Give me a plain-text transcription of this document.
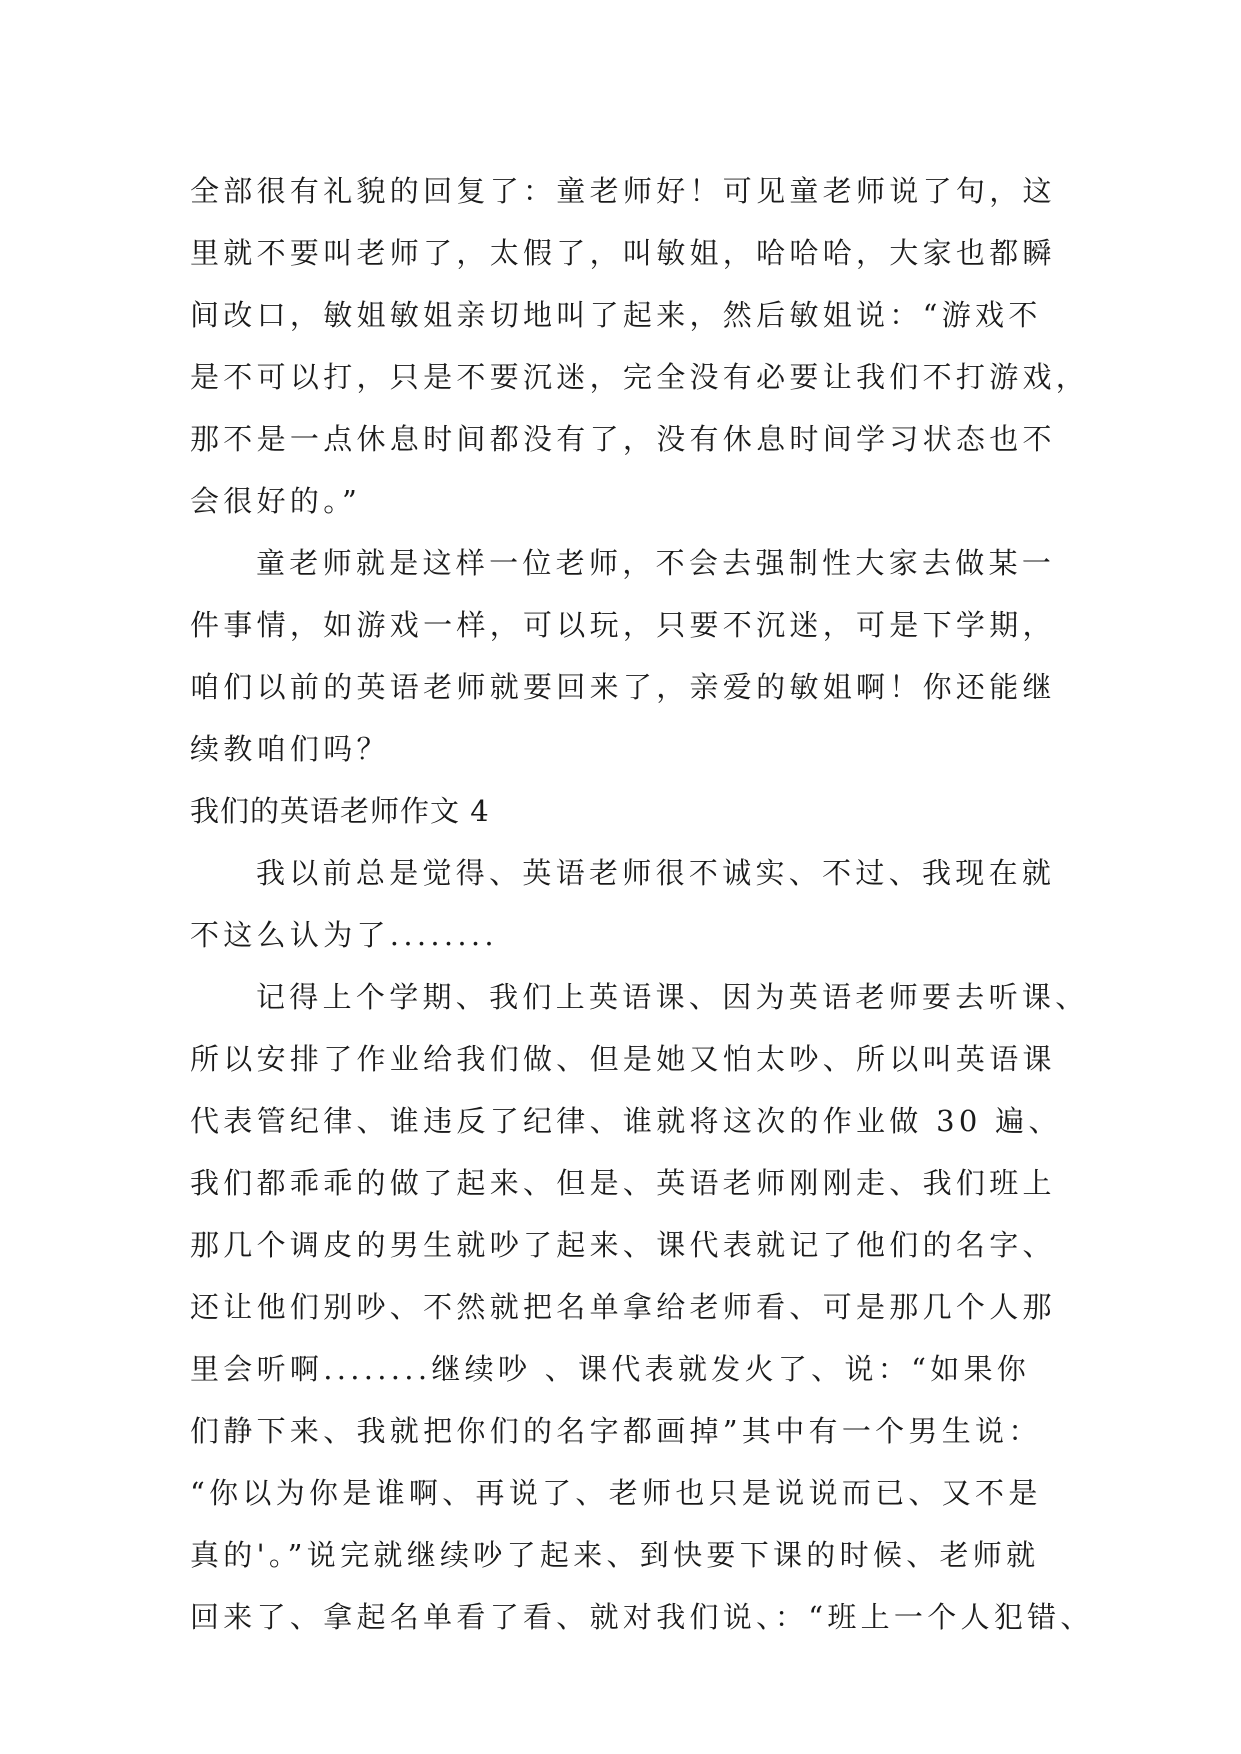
全部很有礼貌的回复了：童老师好！可见童老师说了句，这
里就不要叫老师了，太假了，叫敏姐，哈哈哈，大家也都瞬
间改口，敏姐敏姐亲切地叫了起来，然后敏姐说：“游戏不
是不可以打，只是不要沉迷，完全没有必要让我们不打游戏，
那不是一点休息时间都没有了，没有休息时间学习状态也不
会很好的。”
童老师就是这样一位老师，不会去强制性大家去做某一
件事情，如游戏一样，可以玩，只要不沉迷，可是下学期，
咱们以前的英语老师就要回来了，亲爱的敏姐啊！你还能继
续教咱们吗？
我们的英语老师作文 4
我以前总是觉得、英语老师很不诚实、不过、我现在就
不这么认为了........
记得上个学期、我们上英语课、因为英语老师要去听课、
所以安排了作业给我们做、但是她又怕太吵、所以叫英语课
代表管纪律、谁违反了纪律、谁就将这次的作业做 30 遍、
我们都乖乖的做了起来、但是、英语老师刚刚走、我们班上
那几个调皮的男生就吵了起来、课代表就记了他们的名字、
还让他们别吵、不然就把名单拿给老师看、可是那几个人那
里会听啊........继续吵 、课代表就发火了、说：“如果你
们静下来、我就把你们的名字都画掉”其中有一个男生说：
“你以为你是谁啊、再说了、老师也只是说说而已、又不是
真的'。”说完就继续吵了起来、到快要下课的时候、老师就
回来了、拿起名单看了看、就对我们说、：“班上一个人犯错、
